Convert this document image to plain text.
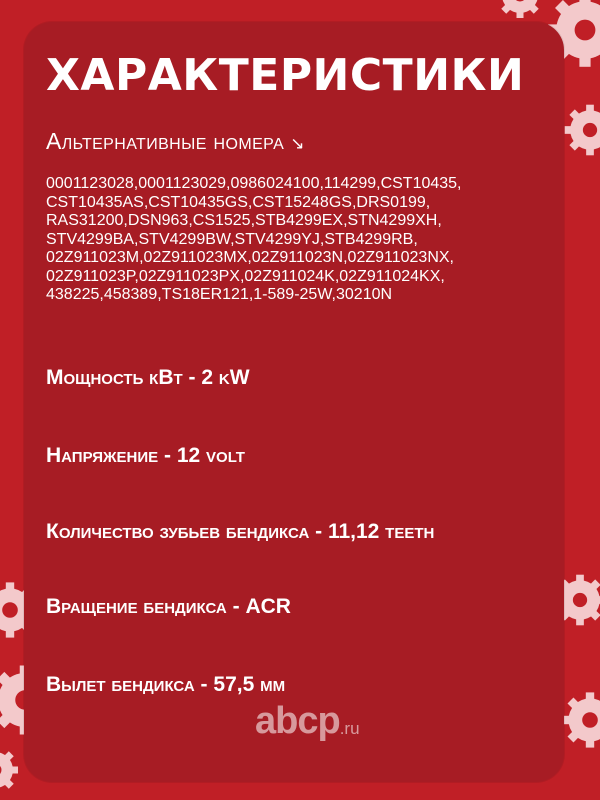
ХАРАКТЕРИСТИКИ
Альтернативные номера ↘
0001123028,0001123029,0986024100,114299,CST10435,
CST10435AS,CST10435GS,CST15248GS,DRS0199,
RAS31200,DSN963,CS1525,STB4299EX,STN4299XH,
STV4299BA,STV4299BW,STV4299YJ,STB4299RB,
02Z911023M,02Z911023MX,02Z911023N,02Z911023NX,
02Z911023P,02Z911023PX,02Z911024K,02Z911024KX,
438225,458389,TS18ER121,1-589-25W,30210N
Мощность кВт - 2 kW
Напряжение - 12 volt
Количество зубьев бендикса - 11,12 teeth
Вращение бендикса - ACR
Вылет бендикса - 57,5 мм
abcp .ru
